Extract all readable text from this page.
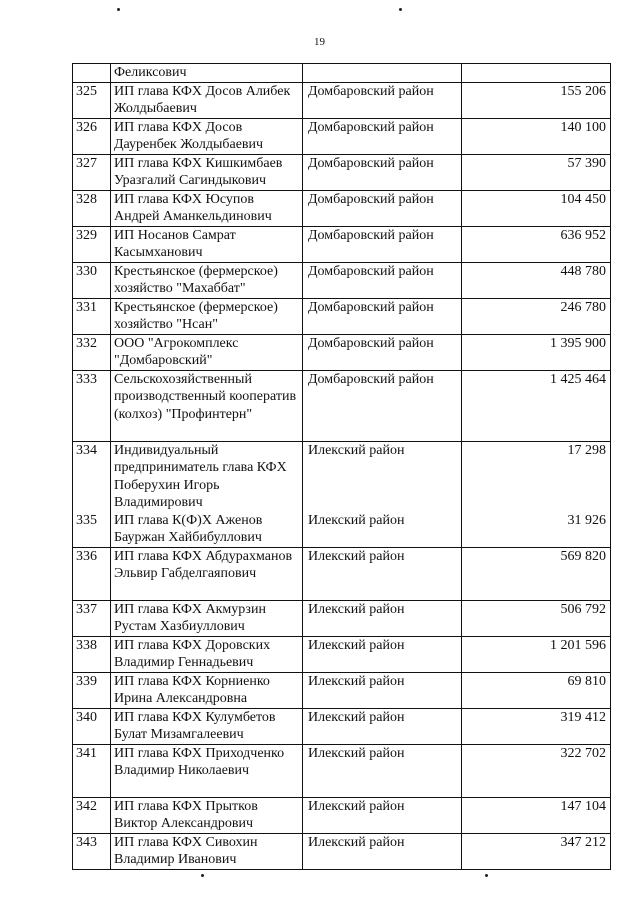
19
	Феликсович		
325	ИП глава КФХ Досов Алибек Жолдыбаевич	Домбаровский район	155 206
326	ИП глава КФХ Досов Дауренбек Жолдыбаевич	Домбаровский район	140 100
327	ИП глава КФХ Кишкимбаев Уразгалий Сагиндыкович	Домбаровский район	57 390
328	ИП глава КФХ Юсупов Андрей Аманкельдинович	Домбаровский район	104 450
329	ИП Носанов Самрат Касымханович	Домбаровский район	636 952
330	Крестьянское (фермерское) хозяйство "Махаббат"	Домбаровский район	448 780
331	Крестьянское (фермерское) хозяйство "Нсан"	Домбаровский район	246 780
332	ООО "Агрокомплекс "Домбаровский"	Домбаровский район	1 395 900
333	Сельскохозяйственный производственный кооператив (колхоз) "Профинтерн"	Домбаровский район	1 425 464
334	Индивидуальный предприниматель глава КФХ Поберухин Игорь Владимирович	Илекский район	17 298
335	ИП глава К(Ф)Х Аженов Бауржан Хайбибуллович	Илекский район	31 926
336	ИП глава КФХ Абдурахманов Эльвир Габделгаяпович	Илекский район	569 820
337	ИП глава КФХ Акмурзин Рустам Хазбиуллович	Илекский район	506 792
338	ИП глава КФХ Доровских Владимир Геннадьевич	Илекский район	1 201 596
339	ИП глава КФХ Корниенко Ирина Александровна	Илекский район	69 810
340	ИП глава КФХ Кулумбетов Булат Мизамгалеевич	Илекский район	319 412
341	ИП глава КФХ Приходченко Владимир Николаевич	Илекский район	322 702
342	ИП глава КФХ Прытков Виктор Александрович	Илекский район	147 104
343	ИП глава КФХ Сивохин Владимир Иванович	Илекский район	347 212
